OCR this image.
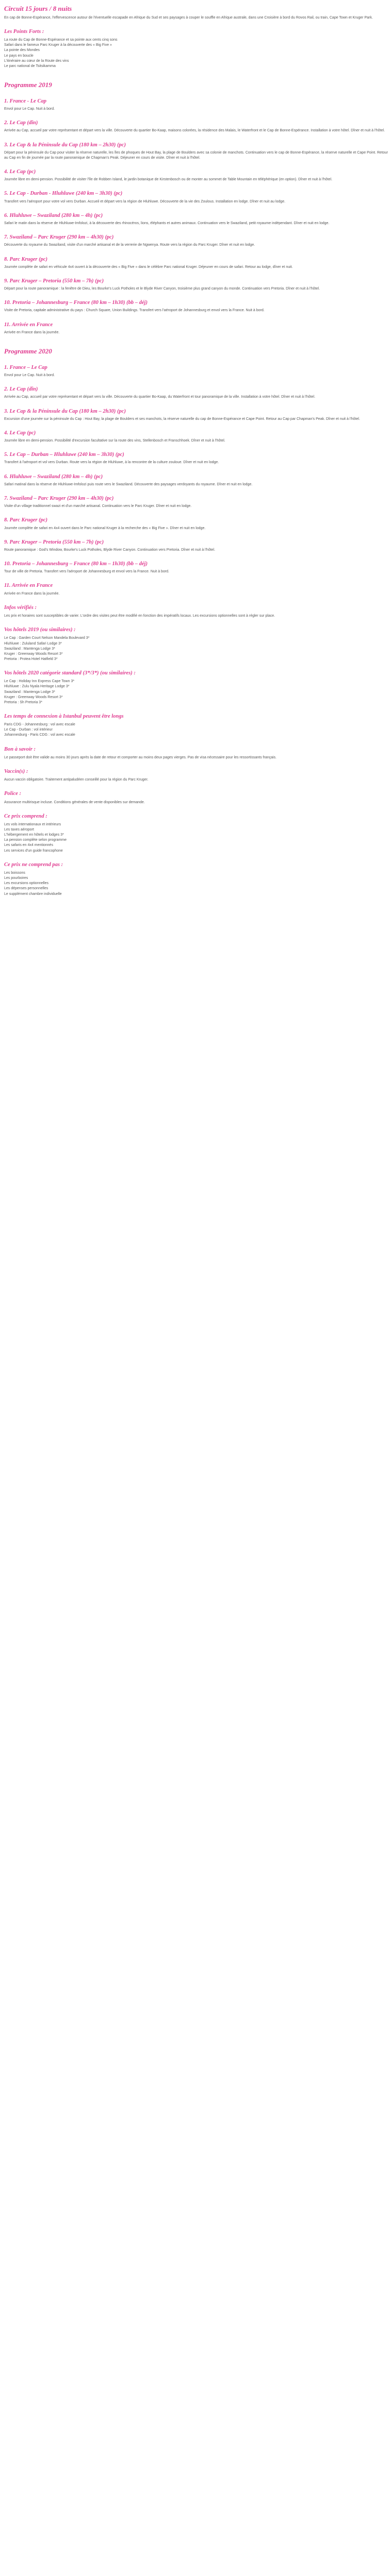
Circuit 15 jours / 8 nuits

En cap de Bonne-Espérance, l'effervescence autour de l'éventuelle escapade en Afrique du Sud et ses paysages à couper le souffle en Afrique australe, dans une Croisière à bord du Rovos Rail, ou train, Cape Town et Kruger Park.

Les Points Forts :
La route du Cap de Bonne-Espérance et sa pointe aux cents cinq sons
Safari dans le fameux Parc Kruger à la découverte des « Big Five »
La pointe des Mondes
Le pays en boucle
L'itinéraire au cœur de la Route des vins
Le parc national de Tsitsikamma
Programme 2019
1. France - Le Cap

Envol pour Le Cap. Nuit à bord.

2. Le Cap (dîn)

Arrivée au Cap, accueil par votre représentant et départ vers la ville. Découverte du quartier Bo-Kaap, maisons colorées, la résidence des Malais, le Waterfront et le Cap de Bonne-Espérance. Installation à votre hôtel. Dîner et nuit à l'hôtel.

3. Le Cap & la Péninsule du Cap (180 km – 2h30) (pc)

Départ pour la péninsule du Cap pour visiter la réserve naturelle, les îles de phoques de Hout Bay, la plage de Boulders avec sa colonie de manchots. Continuation vers le cap de Bonne-Espérance, la réserve naturelle et Cape Point. Retour au Cap en fin de journée par la route panoramique de Chapman's Peak. Déjeuner en cours de visite. Dîner et nuit à l'hôtel.

4. Le Cap (pc)

Journée libre en demi-pension. Possibilité de visiter l'île de Robben Island, le jardin botanique de Kirstenbosch ou de monter au sommet de Table Mountain en téléphérique (en option). Dîner et nuit à l'hôtel.

5. Le Cap - Durban - Hluhluwe (240 km – 3h30) (pc)

Transfert vers l'aéroport pour votre vol vers Durban. Accueil et départ vers la région de Hluhluwe. Découverte de la vie des Zoulous. Installation en lodge. Dîner et nuit au lodge.

6. Hluhluwe – Swaziland (280 km – 4h) (pc)

Safari le matin dans la réserve de Hluhluwe-Imfolozi, à la découverte des rhinocéros, lions, éléphants et autres animaux. Continuation vers le Swaziland, petit royaume indépendant. Dîner et nuit en lodge.

7. Swaziland – Parc Kruger (290 km – 4h30) (pc)

Découverte du royaume du Swaziland, visite d'un marché artisanal et de la verrerie de Ngwenya. Route vers la région du Parc Kruger. Dîner et nuit en lodge.

8. Parc Kruger (pc)

Journée complète de safari en véhicule 4x4 ouvert à la découverte des « Big Five » dans le célèbre Parc national Kruger. Déjeuner en cours de safari. Retour au lodge, dîner et nuit.

9. Parc Kruger – Pretoria (550 km – 7h) (pc)

Départ pour la route panoramique : la fenêtre de Dieu, les Bourke's Luck Potholes et le Blyde River Canyon, troisième plus grand canyon du monde. Continuation vers Pretoria. Dîner et nuit à l'hôtel.

10. Pretoria – Johannesburg – France (80 km – 1h30) (bb – déj)

Visite de Pretoria, capitale administrative du pays : Church Square, Union Buildings. Transfert vers l'aéroport de Johannesburg et envol vers la France. Nuit à bord.

11. Arrivée en France

Arrivée en France dans la journée.

Programme 2020
1. France – Le Cap

Envol pour Le Cap. Nuit à bord.

2. Le Cap (dîn)

Arrivée au Cap, accueil par votre représentant et départ vers la ville. Découverte du quartier Bo-Kaap, du Waterfront et tour panoramique de la ville. Installation à votre hôtel. Dîner et nuit à l'hôtel.

3. Le Cap & la Péninsule du Cap (180 km – 2h30) (pc)

Excursion d'une journée sur la péninsule du Cap : Hout Bay, la plage de Boulders et ses manchots, la réserve naturelle du cap de Bonne-Espérance et Cape Point. Retour au Cap par Chapman's Peak. Dîner et nuit à l'hôtel.

4. Le Cap (pc)

Journée libre en demi-pension. Possibilité d'excursion facultative sur la route des vins, Stellenbosch et Franschhoek. Dîner et nuit à l'hôtel.

5. Le Cap – Durban – Hluhluwe (240 km – 3h30) (pc)

Transfert à l'aéroport et vol vers Durban. Route vers la région de Hluhluwe, à la rencontre de la culture zouloue. Dîner et nuit en lodge.

6. Hluhluwe – Swaziland (280 km – 4h) (pc)

Safari matinal dans la réserve de Hluhluwe-Imfolozi puis route vers le Swaziland. Découverte des paysages verdoyants du royaume. Dîner et nuit en lodge.

7. Swaziland – Parc Kruger (290 km – 4h30) (pc)

Visite d'un village traditionnel swazi et d'un marché artisanal. Continuation vers le Parc Kruger. Dîner et nuit en lodge.

8. Parc Kruger (pc)

Journée complète de safari en 4x4 ouvert dans le Parc national Kruger à la recherche des « Big Five ». Dîner et nuit en lodge.

9. Parc Kruger – Pretoria (550 km – 7h) (pc)

Route panoramique : God's Window, Bourke's Luck Potholes, Blyde River Canyon. Continuation vers Pretoria. Dîner et nuit à l'hôtel.

10. Pretoria – Johannesburg – France (80 km – 1h30) (bb – déj)

Tour de ville de Pretoria. Transfert vers l'aéroport de Johannesburg et envol vers la France. Nuit à bord.

11. Arrivée en France

Arrivée en France dans la journée.

Infos vérifiés :

Les prix et horaires sont susceptibles de varier. L'ordre des visites peut être modifié en fonction des impératifs locaux. Les excursions optionnelles sont à régler sur place.

Vos hôtels 2019 (ou similaires) :
Le Cap : Garden Court Nelson Mandela Boulevard 3*
Hluhluwe : Zululand Safari Lodge 3*
Swaziland : Mantenga Lodge 3*
Kruger : Greenway Woods Resort 3*
Pretoria : Protea Hotel Hatfield 3*
Vos hôtels 2020 catégorie standard (3*/3*) (ou similaires) :
Le Cap : Holiday Inn Express Cape Town 3*
Hluhluwe : Zulu Nyala Heritage Lodge 3*
Swaziland : Mantenga Lodge 3*
Kruger : Greenway Woods Resort 3*
Pretoria : Sh Pretoria 3*
Les temps de connexion à Istanbul peuvent être longs
Paris CDG - Johannesburg : vol avec escale
Le Cap - Durban : vol intérieur
Johannesburg - Paris CDG : vol avec escale
Bon à savoir :

Le passeport doit être valide au moins 30 jours après la date de retour et comporter au moins deux pages vierges. Pas de visa nécessaire pour les ressortissants français.

Vaccin(s) :

Aucun vaccin obligatoire. Traitement antipaludéen conseillé pour la région du Parc Kruger.

Police :

Assurance multirisque incluse. Conditions générales de vente disponibles sur demande.

Ce prix comprend :
Les vols internationaux et intérieurs
Les taxes aéroport
L'hébergement en hôtels et lodges 3*
La pension complète selon programme
Les safaris en 4x4 mentionnés
Les services d'un guide francophone
Ce prix ne comprend pas :
Les boissons
Les pourboires
Les excursions optionnelles
Les dépenses personnelles
Le supplément chambre individuelle
